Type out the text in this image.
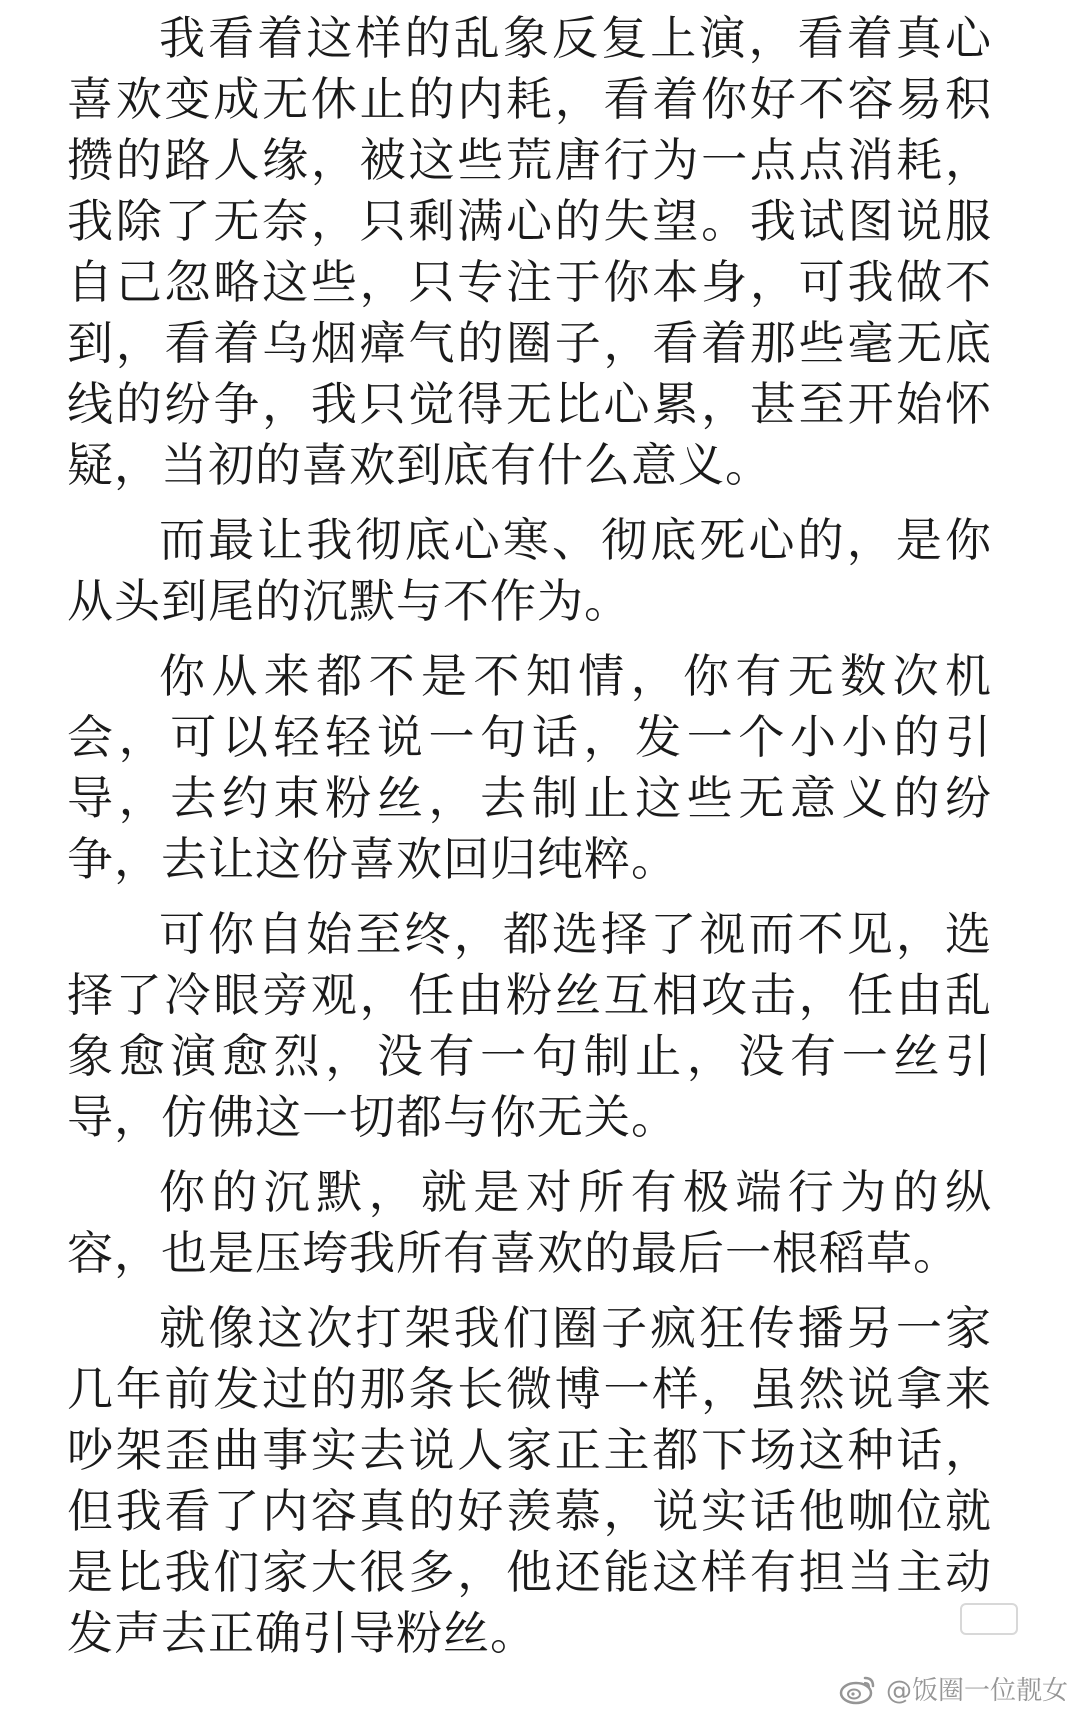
我看着这样的乱象反复上演，看着真心喜欢变成无休止的内耗，看着你好不容易积攒的路人缘，被这些荒唐行为一点点消耗，我除了无奈，只剩满心的失望。我试图说服自己忽略这些，只专注于你本身，可我做不到，看着乌烟瘴气的圈子，看着那些毫无底线的纷争，我只觉得无比心累，甚至开始怀疑，当初的喜欢到底有什么意义。

而最让我彻底心寒、彻底死心的，是你从头到尾的沉默与不作为。

你从来都不是不知情，你有无数次机会，可以轻轻说一句话，发一个小小的引导，去约束粉丝，去制止这些无意义的纷争，去让这份喜欢回归纯粹。

可你自始至终，都选择了视而不见，选择了冷眼旁观，任由粉丝互相攻击，任由乱象愈演愈烈，没有一句制止，没有一丝引导，仿佛这一切都与你无关。

你的沉默，就是对所有极端行为的纵容，也是压垮我所有喜欢的最后一根稻草。

就像这次打架我们圈子疯狂传播另一家几年前发过的那条长微博一样，虽然说拿来吵架歪曲事实去说人家正主都下场这种话，但我看了内容真的好羡慕，说实话他咖位就是比我们家大很多，他还能这样有担当主动发声去正确引导粉丝。

@饭圈一位靓女
